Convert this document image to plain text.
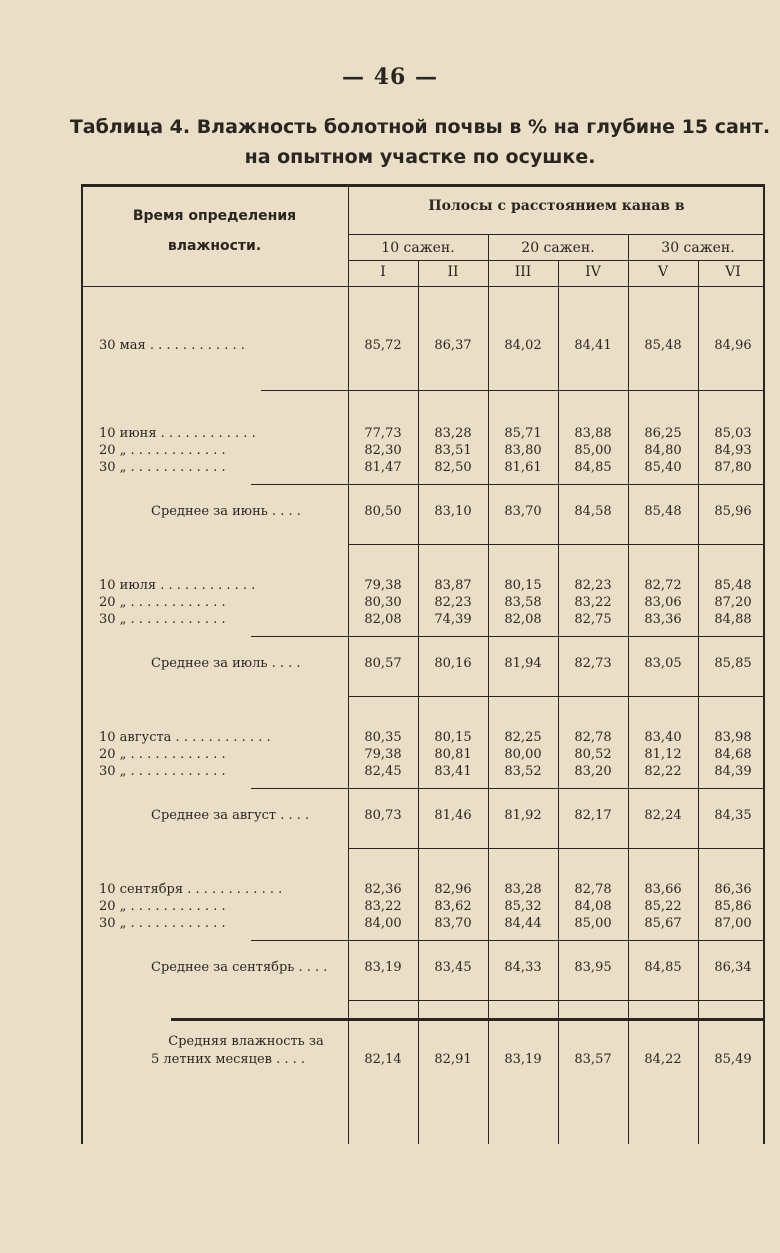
— 46 —
Таблица 4. Влажность болотной почвы в % на глубине 15 сант.
на опытном участке по осушке.
Время определения
влажности.
Полосы с расстоянием канав в
10 сажен.	20 сажен.	30 сажен.
I	II	III	IV	V	VI
30 мая . . . . . . . . . . . .	85,72	86,37	84,02	84,41	85,48	84,96
10 июня . . . . . . . . . . . .	77,73	83,28	85,71	83,88	86,25	85,03
20 „ . . . . . . . . . . . .	82,30	83,51	83,80	85,00	84,80	84,93
30 „ . . . . . . . . . . . .	81,47	82,50	81,61	84,85	85,40	87,80
Среднее за июнь . . . .	80,50	83,10	83,70	84,58	85,48	85,96
10 июля . . . . . . . . . . . .	79,38	83,87	80,15	82,23	82,72	85,48
20 „ . . . . . . . . . . . .	80,30	82,23	83,58	83,22	83,06	87,20
30 „ . . . . . . . . . . . .	82,08	74,39	82,08	82,75	83,36	84,88
Среднее за июль . . . .	80,57	80,16	81,94	82,73	83,05	85,85
10 августа . . . . . . . . . . . .	80,35	80,15	82,25	82,78	83,40	83,98
20 „ . . . . . . . . . . . .	79,38	80,81	80,00	80,52	81,12	84,68
30 „ . . . . . . . . . . . .	82,45	83,41	83,52	83,20	82,22	84,39
Среднее за август . . . .	80,73	81,46	81,92	82,17	82,24	84,35
10 сентября . . . . . . . . . . . .	82,36	82,96	83,28	82,78	83,66	86,36
20 „ . . . . . . . . . . . .	83,22	83,62	85,32	84,08	85,22	85,86
30 „ . . . . . . . . . . . .	84,00	83,70	84,44	85,00	85,67	87,00
Среднее за сентябрь . . . .	83,19	83,45	84,33	83,95	84,85	86,34
Средняя влажность за
5 летних месяцев . . . .	82,14	82,91	83,19	83,57	84,22	85,49
